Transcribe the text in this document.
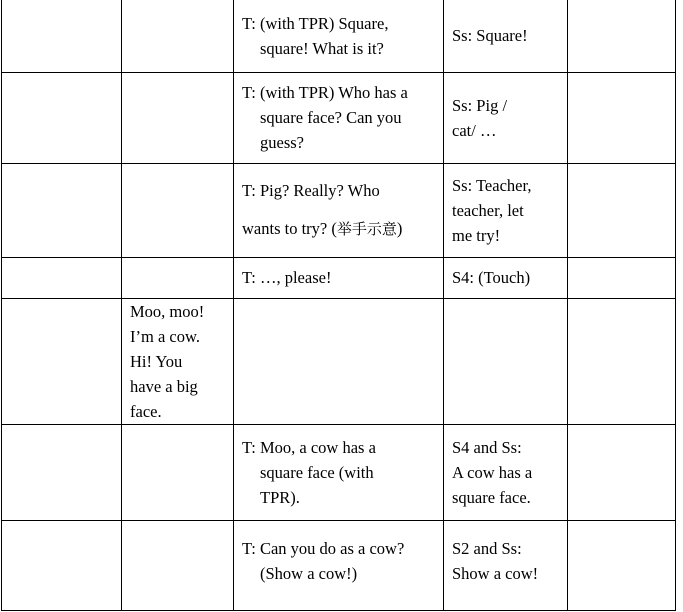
		T: (with TPR) Square,
square! What is it?	Ss: Square!	

		T: (with TPR) Who has a
square face? Can you
guess?	Ss: Pig /
cat/ …	

		T: Pig? Really? Who
wants to try? (举手示意)	Ss: Teacher,
teacher, let
me try!	

		T: …, please!	S4: (Touch)	

	Moo, moo!
I’m a cow.
Hi! You
have a big
face.			

		T: Moo, a cow has a
square face (with
TPR).	S4 and Ss:
A cow has a
square face.	

		T: Can you do as a cow?
(Show a cow!)	S2 and Ss:
Show a cow!	
